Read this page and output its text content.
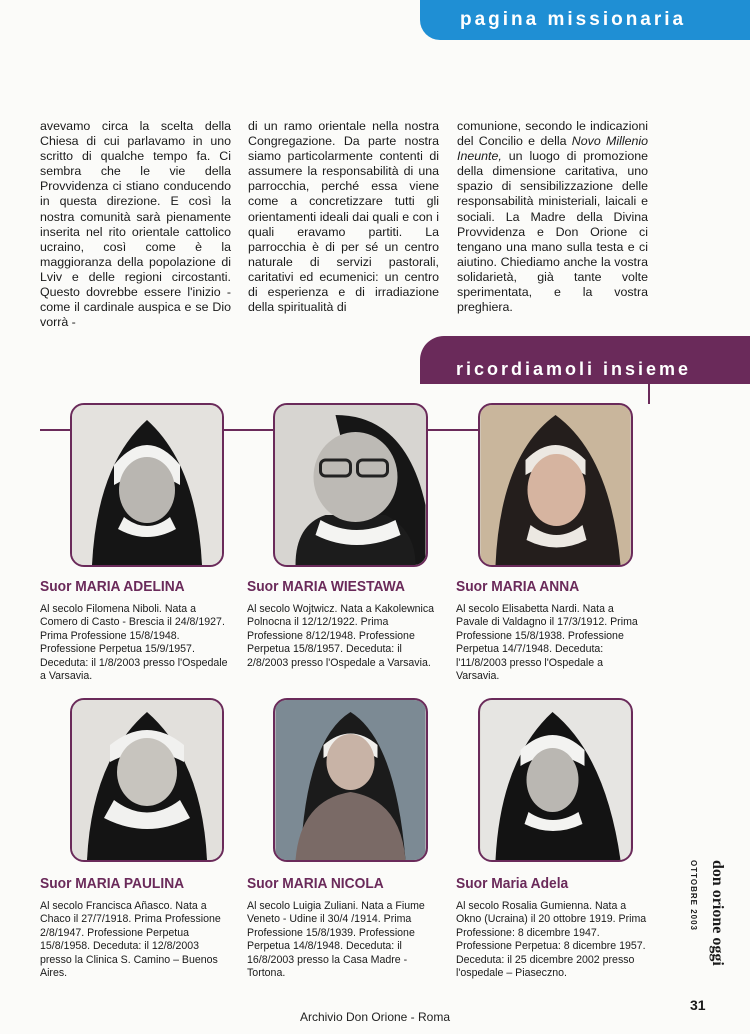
pagina missionaria

avevamo circa la scelta della Chiesa di cui parlavamo in uno scritto di qualche tempo fa. Ci sembra che le vie della Provvidenza ci stiano conducendo in questa direzione. E così la nostra comunità sarà pienamente inserita nel rito orientale cattolico ucraino, così come è la maggioranza della popolazione di Lviv e delle regioni circostanti. Questo dovrebbe essere l'inizio - come il cardinale auspica e se Dio vorrà -

di un ramo orientale nella nostra Congregazione. Da parte nostra siamo particolarmente contenti di assumere la responsabilità di una parrocchia, perché essa viene come a concretizzare tutti gli orientamenti ideali dai quali e con i quali eravamo partiti. La parrocchia è di per sé un centro naturale di servizi pastorali, caritativi ed ecumenici: un centro di esperienza e di irradiazione della spiritualità di

comunione, secondo le indicazioni del Concilio e della Novo Millenio Ineunte, un luogo di promozione della dimensione caritativa, uno spazio di sensibilizzazione delle responsabilità ministeriali, laicali e sociali. La Madre della Divina Provvidenza e Don Orione ci tengano una mano sulla testa e ci aiutino. Chiediamo anche la vostra solidarietà, già tante volte sperimentata, e la vostra preghiera.

ricordiamoli insieme
Suor MARIA ADELINA
Al secolo Filomena Niboli. Nata a Comero di Casto - Brescia il 24/8/1927. Prima Professione 15/8/1948. Professione Perpetua 15/9/1957. Deceduta: il 1/8/2003 presso l'Ospedale a Varsavia.
Suor MARIA WIESTAWA
Al secolo Wojtwicz. Nata a Kakolewnica Polnocna il 12/12/1922. Prima Professione 8/12/1948. Professione Perpetua 15/8/1957. Deceduta: il 2/8/2003 presso l'Ospedale a Varsavia.
Suor MARIA ANNA
Al secolo Elisabetta Nardi. Nata a Pavale di Valdagno il 17/3/1912. Prima Professione 15/8/1938. Professione Perpetua 14/7/1948. Deceduta: l'11/8/2003 presso l'Ospedale a Varsavia.
Suor MARIA PAULINA
Al secolo Francisca Añasco. Nata a Chaco il 27/7/1918. Prima Professione 2/8/1947. Professione Perpetua 15/8/1958. Deceduta: il 12/8/2003 presso la Clinica S. Camino – Buenos Aires.
Suor MARIA NICOLA
Al secolo Luigia Zuliani. Nata a Fiume Veneto - Udine il 30/4 /1914. Prima Professione 15/8/1939. Professione Perpetua 14/8/1948. Deceduta: il 16/8/2003 presso la Casa Madre - Tortona.
Suor Maria Adela
Al secolo Rosalia Gumienna. Nata a Okno (Ucraina) il 20 ottobre 1919. Prima Professione: 8 dicembre 1947. Professione Perpetua: 8 dicembre 1957. Deceduta: il 25 dicembre 2002 presso l'ospedale – Piaseczno.
don orione oggi
OTTOBRE 2003
Archivio Don Orione - Roma
31
